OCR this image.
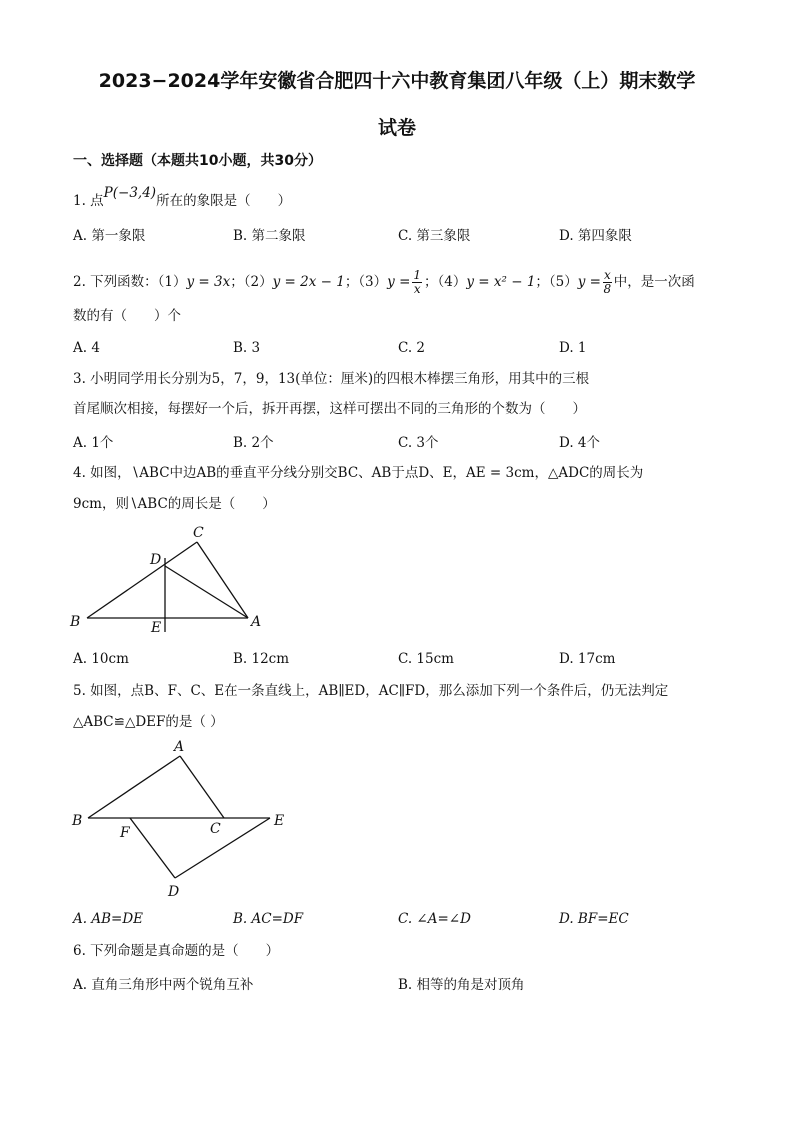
2023−2024学年安徽省合肥四十六中教育集团八年级（上）期末数学
试卷
一、选择题（本题共10小题，共30分）
1. 点P(−3,4)所在的象限是（　　）
A. 第一象限	B. 第二象限	C. 第三象限	D. 第四象限
2. 下列函数：（1）y = 3x；（2）y = 2x − 1；$(3)y = \frac{1}{x}$ ；（4）y = x² − 1；$(5)y = \frac{x}{8}$ 中，是一次函
数的有（　　）个
A. 4	B. 3	C. 2	D. 1
3. 小明同学用长分别为5，7，9，13(单位：厘米)的四根木棒摆三角形，用其中的三根
首尾顺次相接，每摆好一个后，拆开再摆，这样可摆出不同的三角形的个数为（　　）
A. 1个	B. 2个	C. 3个	D. 4个
4. 如图，∖ABC中边AB的垂直平分线分别交BC、AB于点D、E，AE = 3cm，△ADC的周长为
9cm，则∖ABC的周长是（　　）
B	A
C
D
E
A. 10cm	B. 12cm	C. 15cm	D. 17cm
5. 如图，点B、F、C、E在一条直线上，AB∥ED，AC∥FD，那么添加下列一个条件后，仍无法判定
△ABC≌△DEF的是（ ）
B
A
C	E
F
D
A. AB=DE	B. AC=DF	C. ∠A=∠D	D. BF=EC
6. 下列命题是真命题的是（　　）
A. 直角三角形中两个锐角互补	B. 相等的角是对顶角
